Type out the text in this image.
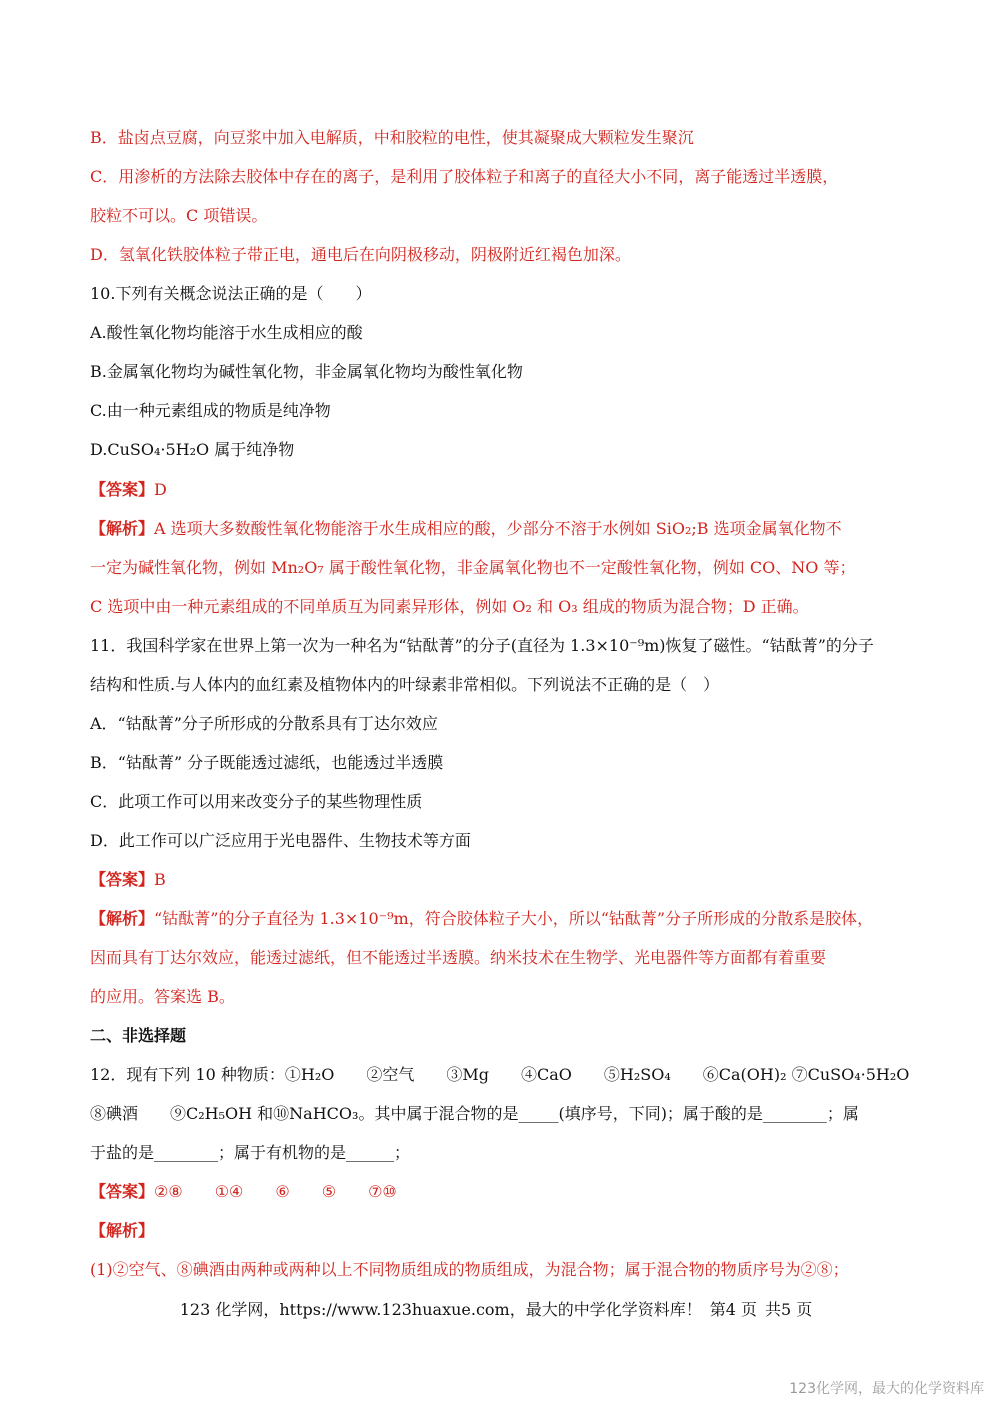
B．盐卤点豆腐，向豆浆中加入电解质，中和胶粒的电性，使其凝聚成大颗粒发生聚沉
C．用渗析的方法除去胶体中存在的离子，是利用了胶体粒子和离子的直径大小不同，离子能透过半透膜，
胶粒不可以。C 项错误。
D．氢氧化铁胶体粒子带正电，通电后在向阴极移动，阴极附近红褐色加深。
10.下列有关概念说法正确的是（　　）
A.酸性氧化物均能溶于水生成相应的酸
B.金属氧化物均为碱性氧化物，非金属氧化物均为酸性氧化物
C.由一种元素组成的物质是纯净物
D.CuSO₄·5H₂O 属于纯净物
【答案】D
【解析】A 选项大多数酸性氧化物能溶于水生成相应的酸，少部分不溶于水例如 SiO₂;B 选项金属氧化物不
一定为碱性氧化物，例如 Mn₂O₇ 属于酸性氧化物，非金属氧化物也不一定酸性氧化物，例如 CO、NO 等；
C 选项中由一种元素组成的不同单质互为同素异形体，例如 O₂ 和 O₃ 组成的物质为混合物；D 正确。
11．我国科学家在世界上第一次为一种名为“钴酞菁”的分子(直径为 1.3×10⁻⁹m)恢复了磁性。“钴酞菁”的分子
结构和性质.与人体内的血红素及植物体内的叶绿素非常相似。下列说法不正确的是（　）
A．“钴酞菁”分子所形成的分散系具有丁达尔效应
B．“钴酞菁” 分子既能透过滤纸，也能透过半透膜
C．此项工作可以用来改变分子的某些物理性质
D．此工作可以广泛应用于光电器件、生物技术等方面
【答案】B
【解析】“钴酞菁”的分子直径为 1.3×10⁻⁹m，符合胶体粒子大小，所以“钴酞菁”分子所形成的分散系是胶体，
因而具有丁达尔效应，能透过滤纸，但不能透过半透膜。纳米技术在生物学、光电器件等方面都有着重要
的应用。答案选 B。
二、非选择题
12．现有下列 10 种物质：①H₂O　　②空气　　③Mg　　④CaO　　⑤H₂SO₄　　⑥Ca(OH)₂ ⑦CuSO₄·5H₂O
⑧碘酒　　⑨C₂H₅OH 和⑩NaHCO₃。其中属于混合物的是_____(填序号，下同)；属于酸的是________；属
于盐的是________；属于有机物的是______；
【答案】②⑧　　①④　　⑥　　⑤　　⑦⑩
【解析】
(1)②空气、⑧碘酒由两种或两种以上不同物质组成的物质组成，为混合物；属于混合物的物质序号为②⑧；
123 化学网，https://www.123huaxue.com，最大的中学化学资料库！ 第4 页 共5 页
123化学网，最大的化学资料库
